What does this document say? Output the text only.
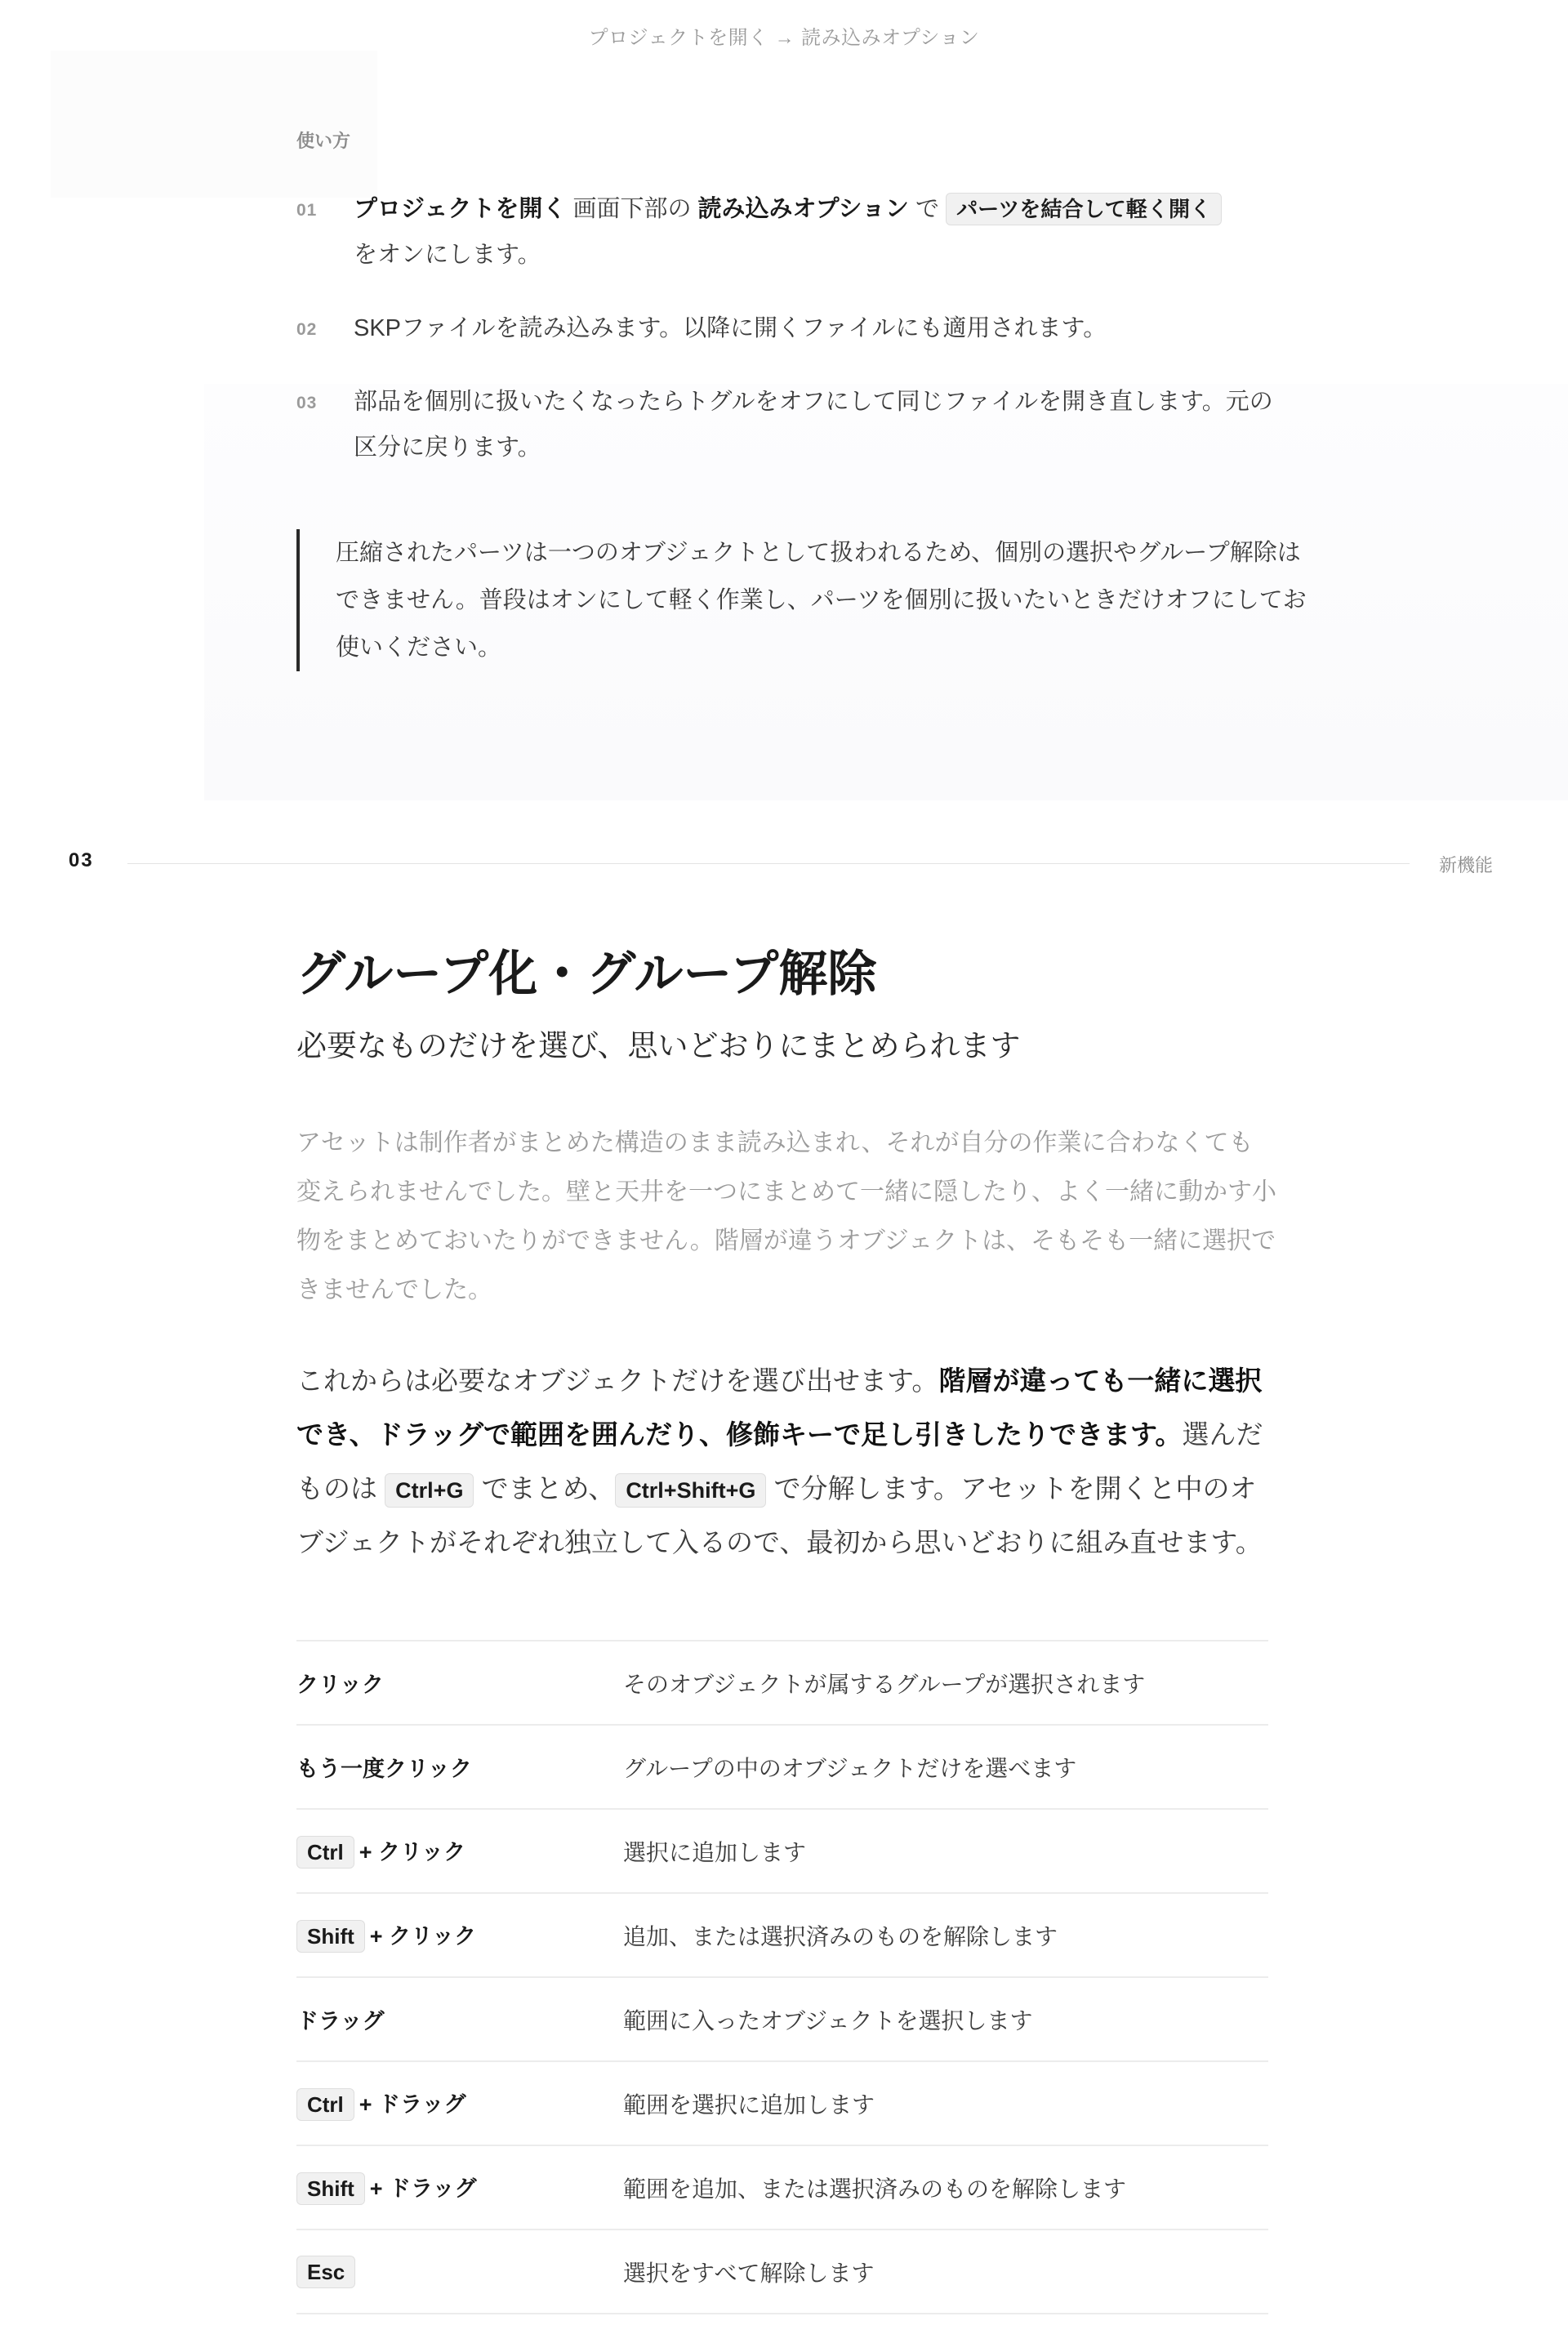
プロジェクトを開く → 読み込みオプション
使い方
01 プロジェクトを開く 画面下部の 読み込みオプション で パーツを結合して軽く開く
をオンにします。
02 SKPファイルを読み込みます。以降に開くファイルにも適用されます。
03 部品を個別に扱いたくなったらトグルをオフにして同じファイルを開き直します。元の区分に戻ります。
圧縮されたパーツは一つのオブジェクトとして扱われるため、個別の選択やグループ解除はできません。普段はオンにして軽く作業し、パーツを個別に扱いたいときだけオフにしてお使いください。
03	新機能
グループ化・グループ解除
必要なものだけを選び、思いどおりにまとめられます
アセットは制作者がまとめた構造のまま読み込まれ、それが自分の作業に合わなくても変えられませんでした。壁と天井を一つにまとめて一緒に隠したり、よく一緒に動かす小物をまとめておいたりができません。階層が違うオブジェクトは、そもそも一緒に選択できませんでした。
これからは必要なオブジェクトだけを選び出せます。階層が違っても一緒に選択でき、ドラッグで範囲を囲んだり、修飾キーで足し引きしたりできます。選んだものは Ctrl+G でまとめ、 Ctrl+Shift+G で分解します。アセットを開くと中のオブジェクトがそれぞれ独立して入るので、最初から思いどおりに組み直せます。
クリック	そのオブジェクトが属するグループが選択されます
もう一度クリック	グループの中のオブジェクトだけを選べます
Ctrl + クリック	選択に追加します
Shift + クリック	追加、または選択済みのものを解除します
ドラッグ	範囲に入ったオブジェクトを選択します
Ctrl + ドラッグ	範囲を選択に追加します
Shift + ドラッグ	範囲を追加、または選択済みのものを解除します
Esc	選択をすべて解除します
